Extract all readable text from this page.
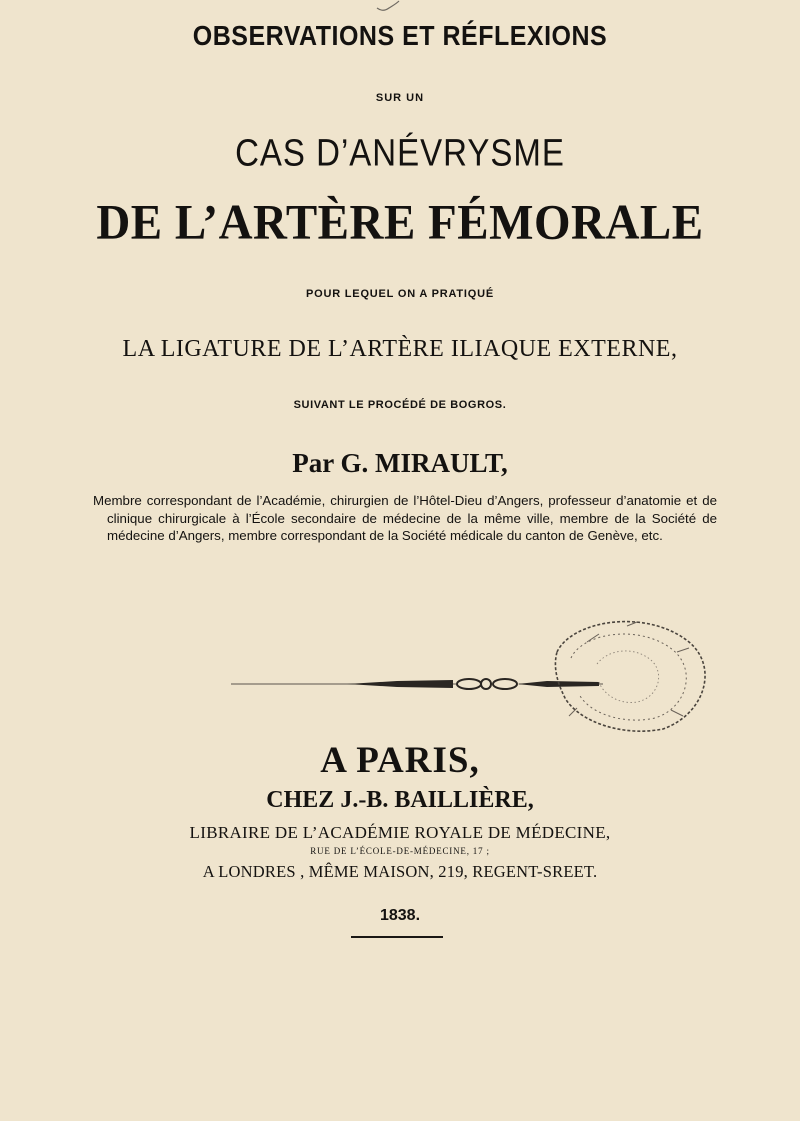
OBSERVATIONS ET RÉFLEXIONS
SUR UN
CAS D’ANÉVRYSME
DE L’ARTÈRE FÉMORALE
POUR LEQUEL ON A PRATIQUÉ
LA LIGATURE DE L’ARTÈRE ILIAQUE EXTERNE,
SUIVANT LE PROCÉDÉ DE BOGROS.
Par G. MIRAULT,
Membre correspondant de l’Académie, chirurgien de l’Hôtel-Dieu d’Angers, professeur d’anatomie et de clinique chirurgicale à l’École secondaire de médecine de la même ville, membre de la Société de médecine d’Angers, membre correspondant de la Société médicale du canton de Genève, etc.
A PARIS,
CHEZ J.-B. BAILLIÈRE,
LIBRAIRE DE L’ACADÉMIE ROYALE DE MÉDECINE,
RUE DE L’ÉCOLE-DE-MÉDECINE, 17 ;
A LONDRES , MÊME MAISON, 219, REGENT-SREET.
1838.
